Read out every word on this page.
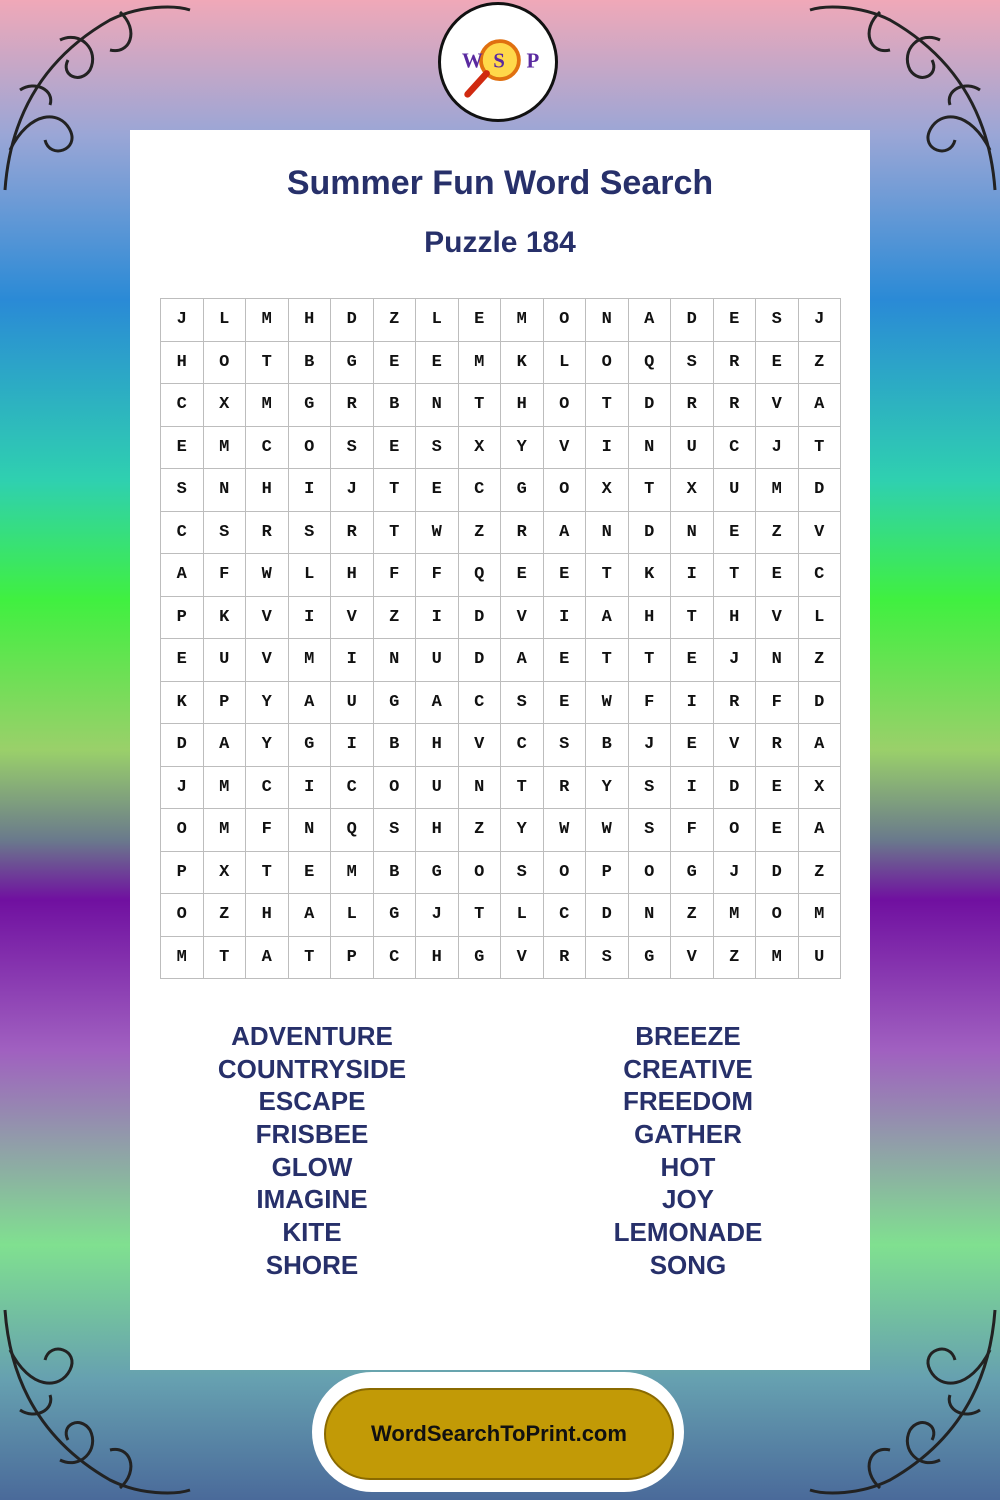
W S P
Summer Fun Word Search
Puzzle 184
J	L	M	H	D	Z	L	E	M	O	N	A	D	E	S	J
H	O	T	B	G	E	E	M	K	L	O	Q	S	R	E	Z
C	X	M	G	R	B	N	T	H	O	T	D	R	R	V	A
E	M	C	O	S	E	S	X	Y	V	I	N	U	C	J	T
S	N	H	I	J	T	E	C	G	O	X	T	X	U	M	D
C	S	R	S	R	T	W	Z	R	A	N	D	N	E	Z	V
A	F	W	L	H	F	F	Q	E	E	T	K	I	T	E	C
P	K	V	I	V	Z	I	D	V	I	A	H	T	H	V	L
E	U	V	M	I	N	U	D	A	E	T	T	E	J	N	Z
K	P	Y	A	U	G	A	C	S	E	W	F	I	R	F	D
D	A	Y	G	I	B	H	V	C	S	B	J	E	V	R	A
J	M	C	I	C	O	U	N	T	R	Y	S	I	D	E	X
O	M	F	N	Q	S	H	Z	Y	W	W	S	F	O	E	A
P	X	T	E	M	B	G	O	S	O	P	O	G	J	D	Z
O	Z	H	A	L	G	J	T	L	C	D	N	Z	M	O	M
M	T	A	T	P	C	H	G	V	R	S	G	V	Z	M	U
ADVENTURE
COUNTRYSIDE
ESCAPE
FRISBEE
GLOW
IMAGINE
KITE
SHORE
BREEZE
CREATIVE
FREEDOM
GATHER
HOT
JOY
LEMONADE
SONG
WordSearchToPrint.com
